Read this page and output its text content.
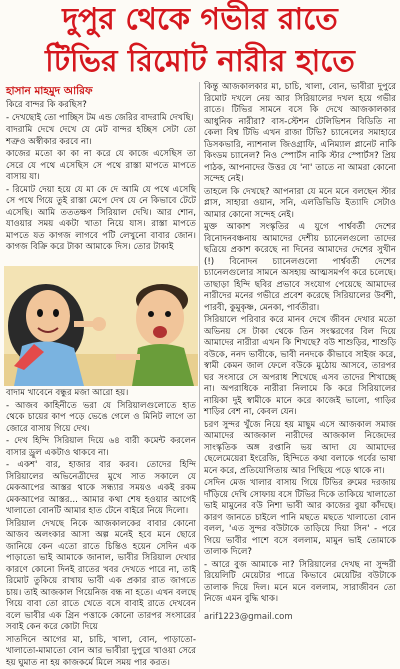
দুপুর থেকে গভীর রাতে
টিভির রিমোট নারীর হাতে
হাসান মাহমুদ আরিফ

কিরে বান্দর কি করছিস?

- দেখছোই তো পাচ্ছিস টম এন্ড জেরির বাদরামি দেখছি।

বাদরামি দেখে দেখে যে মেট বান্দর হচ্ছিস সেটা তো শত্রুও অস্বীকার করবে না।

কাজের মতো কা কা না করে যে কাজে এসেছিস তা সেরে যে পথে এসেছিস সে পথে রাস্তা মাপতে মাপতে বাসায় যা।

- রিমোট দেয়া হয়ে যে মা কে দে আমি যে পথে এসেছি সে পথে গিয়ে তুই রাস্তা মেপে দেখ যে নে কিভাবে টেটে এসেছি। আমি তততক্ষণ সিরিয়াল দেখি। আর শোন, যাওয়ার সময় একটা খাতা নিয়ে যাস। রাস্তা মাপতে মাপতে যত কাগজ লাগবে পটি লেখুনো বাবার জোন। কাগজ বিক্রি করে টাকা আমাকে দিস। তোর টাকাই

বাদাম খাবেনে বন্ধুর মজা আরো হয়।

- আজব কাহিনীতে ভরা যে সিরিয়ালগুলোতে হাত থেকে চায়ের কাপ পড়ে ভেঙে গেলে ও মিনিট লাগে তা জোরে বাসায় গিয়ে দেখ।

- দেখ হিন্দি সিরিয়াল দিয়ে ৬৪ বারী কমেন্ট করলেন বাসার ড্রুল একটাও থাকবে না।

- একশ' বার, হাজার বার করব। তোদের হিন্দি সিরিয়ালের অভিনেত্রীদের মুখে সাত সকালে যে মেকআপের আস্তর থাকে সন্ধ্যার সময়ও একই রকম মেকআপের আস্তর... আমার কথা শেষ হওয়ার আগেই খালাতো বোনটি আমার হাত টেনে বাইরে নিয়ে দিলো।

সিরিয়াল দেখছে নিকে আজকালকের বাবার কোনো আজব অলংকার আসা অল্প মনেই হবে মনে ছোরে জানিয়ে কেন এতো রাতে চিন্তিও হয়েন সেদিন এক পাড়াতো ভাই আমাকে জানাল, ভাবীর সিরিয়াল দেখার কারণে কোনো দিনই রাতের খবর দেখতে পারে না, তাই রিমোট তুকিয়ে রাখায় ভাবী এক প্রকার রাত জাগতে চায়। তাই আজকাল গিয়েনিজ বন্ধ না হতে। এখন বলছে গিয়ে বাবা তো রাতে খেতে বসে বাবাই রাতে দেখবেন বলে ভাবীর এক গ্রিন পত্তাকে কোনো তারপর সংসারের সবাই কেন করে কোটা দিয়ে

সাতদিনে আগের মা, চাচি, খালা, বোন, পাড়াতো-খালাতো-মামাতো বোন আর ভাবীরা দুপুরে খাওয়া সেরে হয় ঘুমাত না হয় কাজকর্মে মিলে সময় পার করত।

কিন্তু আজকালকার মা, চাচি, খালা, বোন, ভাবীরা দুপুরে রিমোট দখলে নেয় আর সিরিয়ালের দখল হয়ে গভীর রাতে। টিভির সামনে বসে কি দেখে আজকালকার আধুনিক নারীরা? বাস-স্টেশন টেলিভিশন বিডিতি না কেলা বিশ্ব টিভি এখন রাজা টিভি? চ্যানেলের সমাহারে ডিসকভারি, ন্যাশনাল জিওগ্রাফি, এনিম্যাল প্লানেট নাকি কিংডম চ্যানেল? নিও স্পোর্টস নাকি স্টার স্পোর্টস? প্রিয় পাঠক, আপনাদের উত্তর যে 'না' তাতে না আমরা কোনো সন্দেহ নেই।

তাহলে কি দেখছে? আপনারা যে মনে মনে বলছেন স্টার প্লাস, সাহারা ওয়ান, সনি, এলডিভিডি ইত্যাদি সেটাও আমার কোনো সন্দেহ নেই।

মুক্ত আকাশ সংস্কৃতির এ যুগে পার্শ্ববর্তী দেশের বিনোদনবঞ্চনায় আমাদের দেশীয় চ্যানেলগুলো তাদের ছত্রিয়ে প্রকাশ করেছে না দিনের আমাদের দেশের সুখীন (!) বিনোদন চ্যানেলগুলো পার্শ্ববর্তী দেশের চ্যানেলগুলোর সামনে অসহায় আত্মসমর্পণ করে চলেছে। তাছাড়া হিন্দি ছবির প্রভাবে সংযোগ পেয়েছে আমাদের নারীদের মনের গভীরে প্রবেশ করেছে সিরিয়ালের উর্বশী, পারবী, কুমুকৃষ্ণ, মেনকা, পার্বতীরা।

সিরিয়ালে পরিবার করে মানব দেখে জীবন দেখার মতো অভিনয় সে টাকা থেকে তিন সংস্করণের বিল দিয়ে আমাদের নারীরা এখন কি শিখছে? বউ শাশুড়ির, শাশুড়ি বউকে, ননদ ভাবীকে, ভাবী ননদকে কীভাবে সাইজ করে, স্বামী কেমন জাল ফেলে বউকে মুঠোয় আসবে, তারপর ঘর সংসারে সে অপরাধ শিখেছে এসব তাদের শিখাচ্ছে না। অপরাধিকে নারীরা নিলামে কি করে সিরিয়ালের নায়িকা দুই স্বামীকে মানে করে কাজেই ভালো, গাড়ির শাড়ির বেশ না, কেবল যেন।

চরণ সুন্দর খুঁজে নিয়ে হয় মাছুম এসে আজকাল সমাজ আমাদের আজকাল নারীদের আজকাল নিজেদের সাংস্কৃতিক অঙ্গ রপ্তানি ভয় আদা যে আমাদের ছেলেমেয়েরা ইংরেজি, হিন্দিতে কথা বলাকে গর্বের ভাষা মনে করে, প্রতিযোগিতায় আর পিছিয়ে পড়ে থাকে না।

সেদিন মেজ খালার বাসায় গিয়ে টিভির রুমের দরজায় দাঁড়িয়ে দেখি সোফায় বসে টিভির দিকে তাকিয়ে খালাতো ভাই মামুনের বউ নিশা ভাবী আর কাজের বুয়া কাঁদছে। কারণ জানতে চাইলে পানি মছতে মছতে খালাতো বোন বলল, 'এত সুন্দর বউটাকে তাড়িয়ে দিয়া সিন' - পরে গিয়ে ভাবীর পাশে বসে বললাম, মামুন ভাই তোমাকে তালাক দিলে?

- আরে বুজ আমাকে না? সিরিয়ালের দেখছ না সুন্দরী রিয়েলিটি মেয়েটার পাত্রে কিভাবে মেয়েটির বউটাকে তালাক দিয়ে দিল। মনে মনে বললাম, সারাজীবন তো নিজে এমন বুদ্ধি থাক।

arif1223@gmail.com
